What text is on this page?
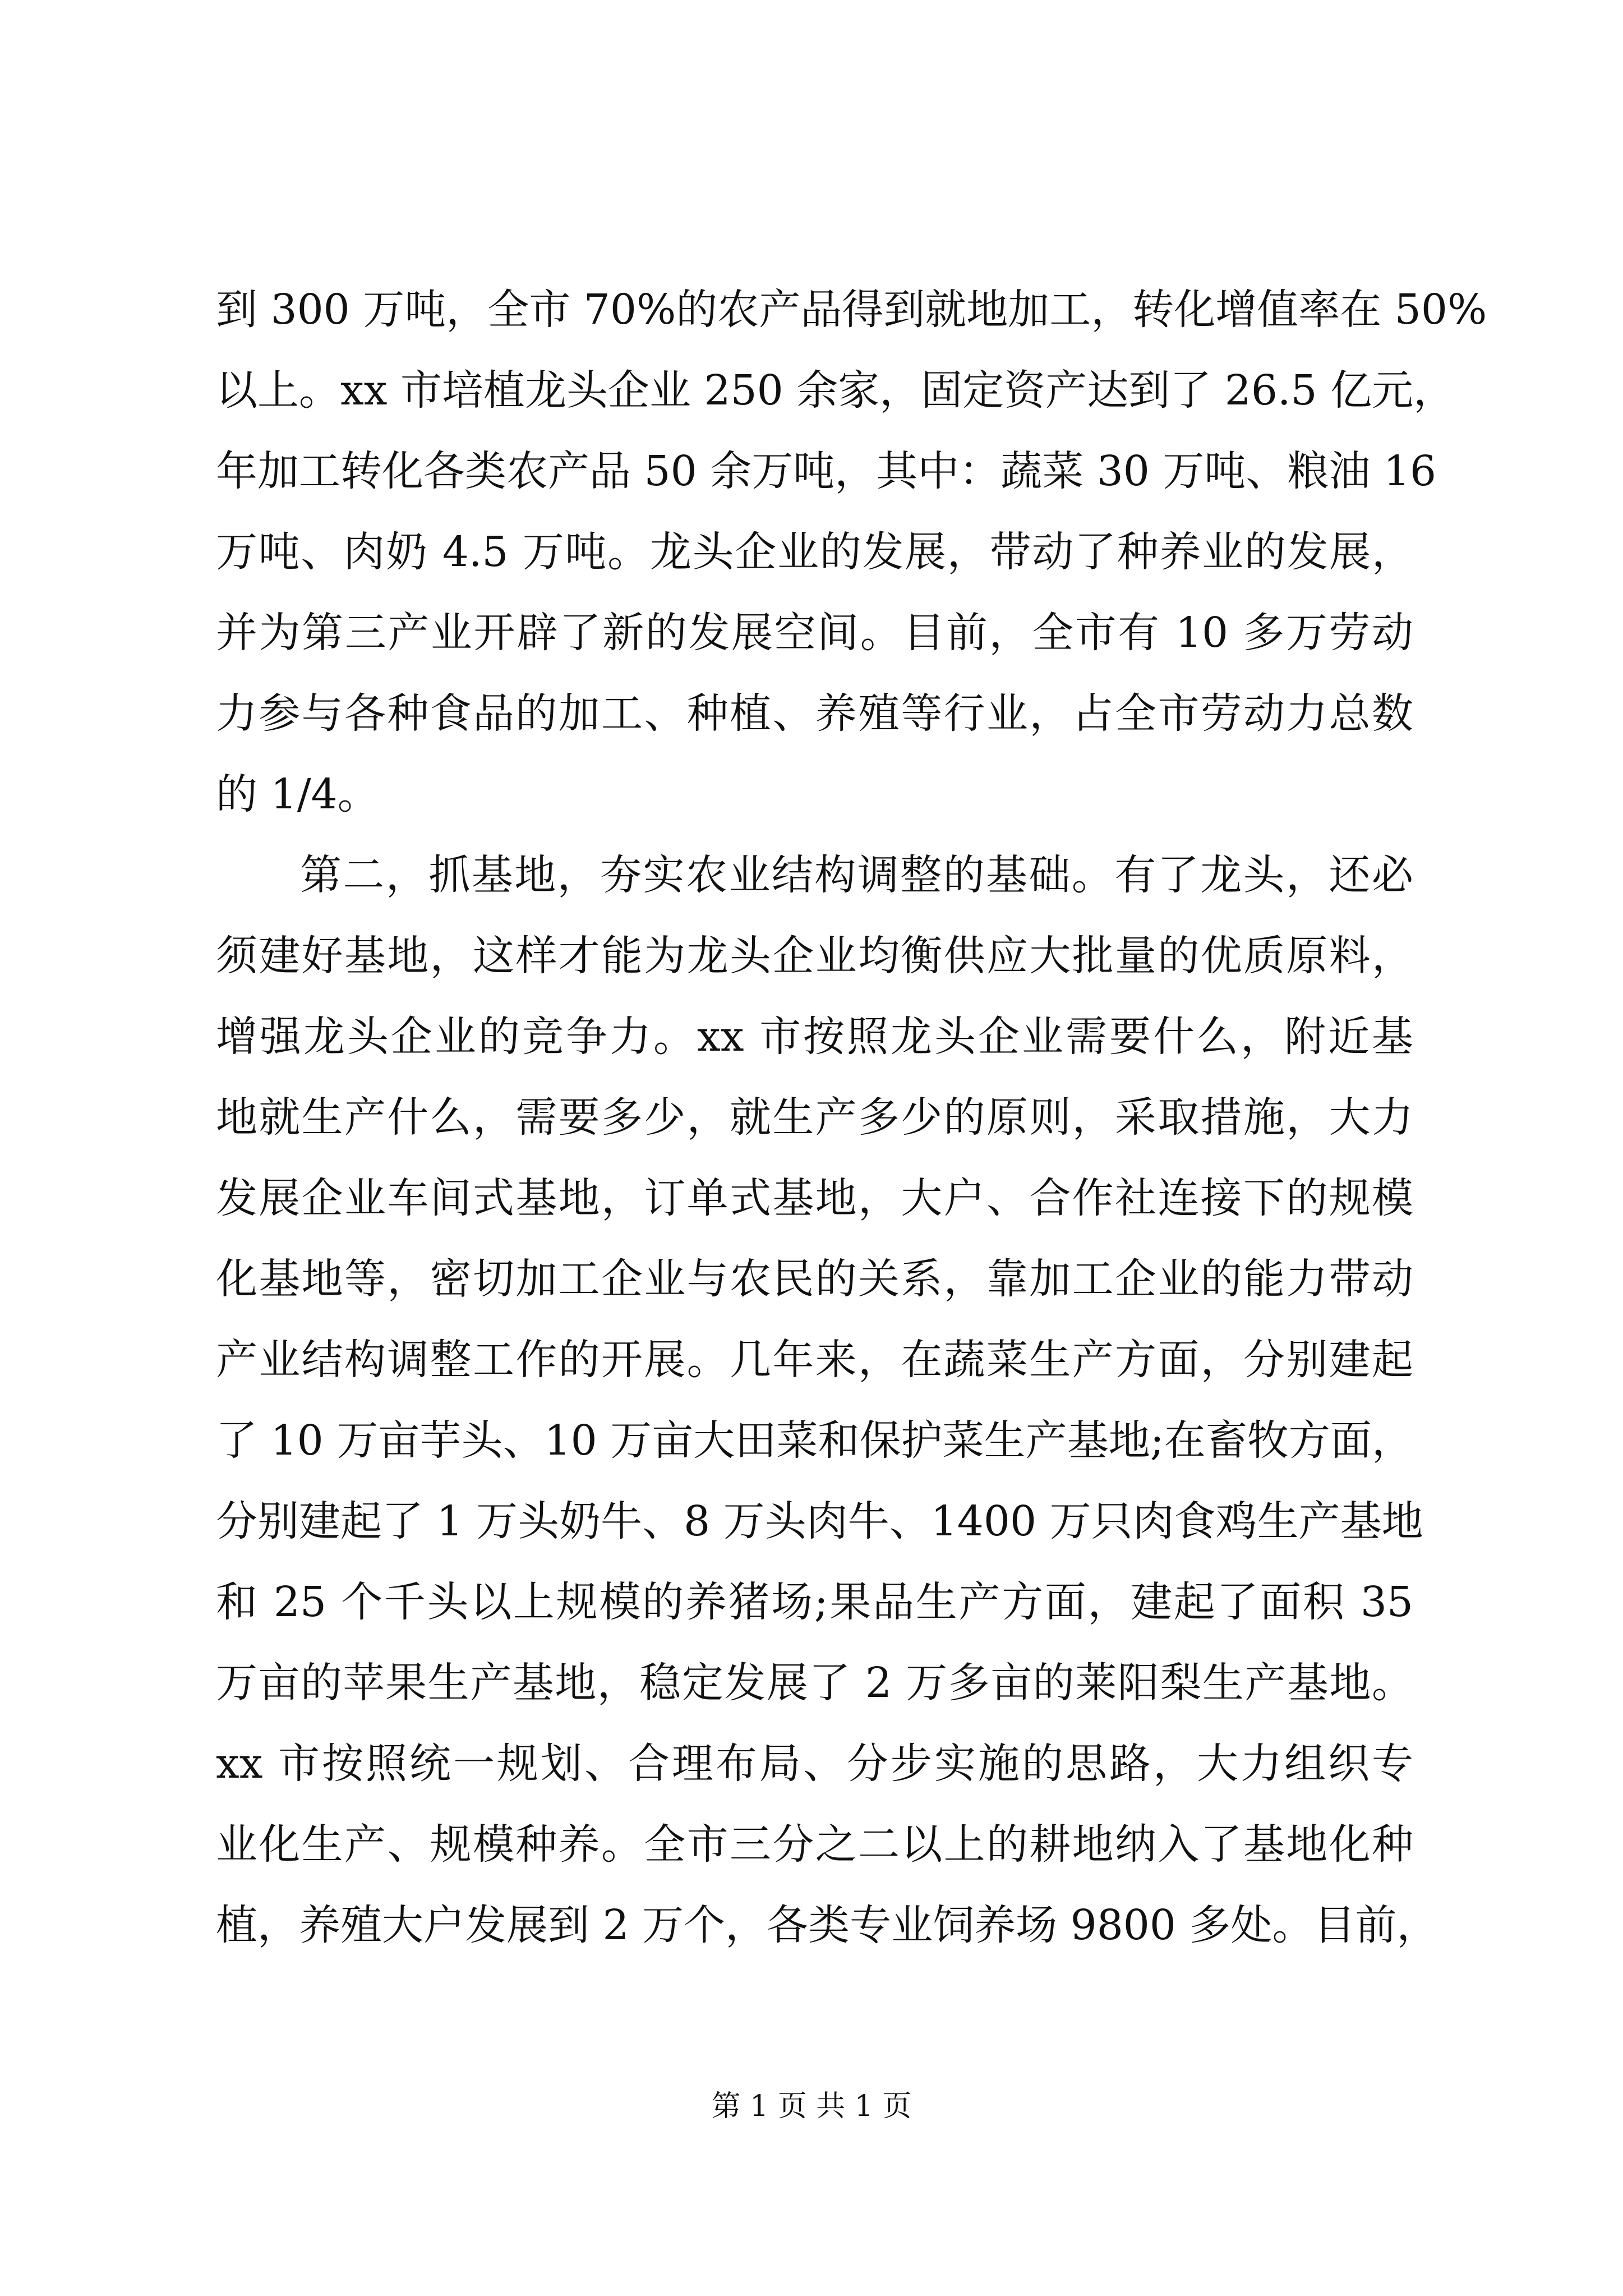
到 300 万吨，全市 70%的农产品得到就地加工，转化增值率在 50%
以上。xx 市培植龙头企业 250 余家，固定资产达到了 26.5 亿元，
年加工转化各类农产品 50 余万吨，其中：蔬菜 30 万吨、粮油 16
万吨、肉奶 4.5 万吨。龙头企业的发展，带动了种养业的发展，
并为第三产业开辟了新的发展空间。目前，全市有 10 多万劳动
力参与各种食品的加工、种植、养殖等行业，占全市劳动力总数
的 1/4。
第二，抓基地，夯实农业结构调整的基础。有了龙头，还必
须建好基地，这样才能为龙头企业均衡供应大批量的优质原料，
增强龙头企业的竞争力。xx 市按照龙头企业需要什么，附近基
地就生产什么，需要多少，就生产多少的原则，采取措施，大力
发展企业车间式基地，订单式基地，大户、合作社连接下的规模
化基地等，密切加工企业与农民的关系，靠加工企业的能力带动
产业结构调整工作的开展。几年来，在蔬菜生产方面，分别建起
了 10 万亩芋头、10 万亩大田菜和保护菜生产基地;在畜牧方面，
分别建起了 1 万头奶牛、8 万头肉牛、1400 万只肉食鸡生产基地
和 25 个千头以上规模的养猪场;果品生产方面，建起了面积 35
万亩的苹果生产基地，稳定发展了 2 万多亩的莱阳梨生产基地。
xx 市按照统一规划、合理布局、分步实施的思路，大力组织专
业化生产、规模种养。全市三分之二以上的耕地纳入了基地化种
植，养殖大户发展到 2 万个，各类专业饲养场 9800 多处。目前，
第 1 页 共 1 页
